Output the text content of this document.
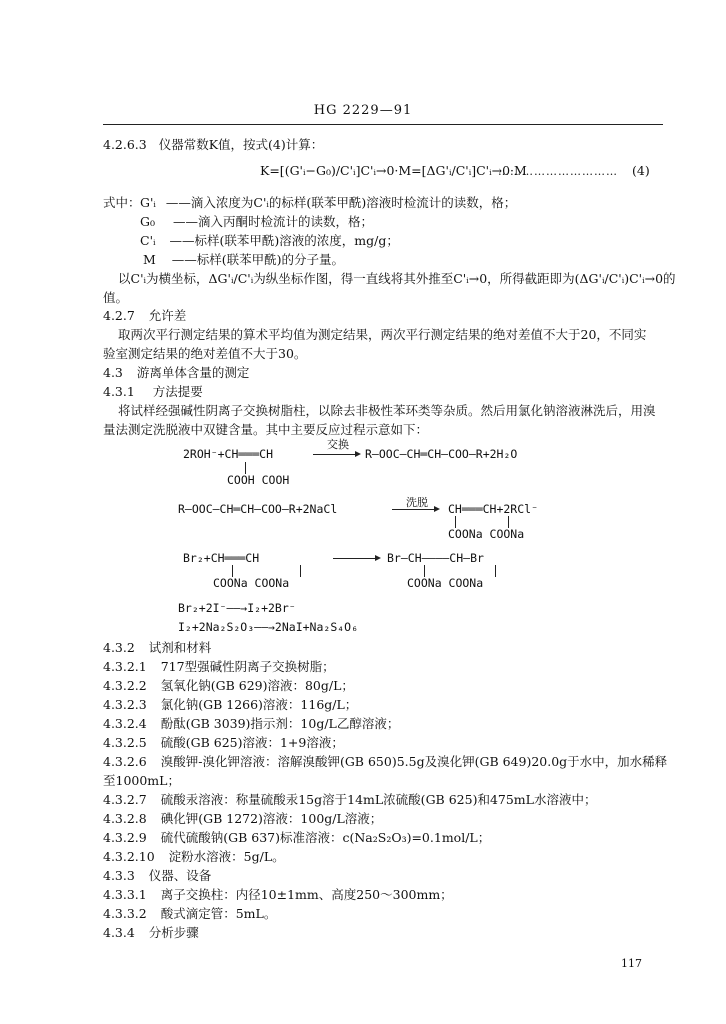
HG 2229—91
4.2.6.3 仪器常数K值，按式(4)计算：
K=[(G'ᵢ−G₀)/C'ᵢ]C'ᵢ→0·M=[ΔG'ᵢ/C'ᵢ]C'ᵢ→0·M
………………………… (4)
式中： G'ᵢ ——滴入浓度为C'ᵢ的标样(联苯甲酰)溶液时检流计的读数，格；
G₀ ——滴入丙酮时检流计的读数，格；
C'ᵢ ——标样(联苯甲酰)溶液的浓度，mg/g；
M ——标样(联苯甲酰)的分子量。
以C'ᵢ为横坐标，ΔG'ᵢ/C'ᵢ为纵坐标作图，得一直线将其外推至C'ᵢ→0，所得截距即为(ΔG'ᵢ/C'ᵢ)C'ᵢ→0的
值。
4.2.7 允许差
取两次平行测定结果的算术平均值为测定结果，两次平行测定结果的绝对差值不大于20，不同实
验室测定结果的绝对差值不大于30。
4.3 游离单体含量的测定
4.3.1 方法提要
将试样经强碱性阴离子交换树脂柱，以除去非极性苯环类等杂质。然后用氯化钠溶液淋洗后，用溴
量法测定洗脱液中双键含量。其中主要反应过程示意如下：
2ROH⁻+CH═══CH
COOH COOH
交换
→ R—OOC—CH═CH—COO—R+2H₂O
R—OOC—CH═CH—COO—R+2NaCl	洗脱 → CH═══CH+2RCl⁻
COONa COONa
Br₂+CH═══CH
COONa COONa
→ Br—CH————CH—Br
COONa COONa
Br₂+2I⁻——→I₂+2Br⁻
I₂+2Na₂S₂O₃——→2NaI+Na₂S₄O₆
4.3.2 试剂和材料
4.3.2.1 717型强碱性阴离子交换树脂；
4.3.2.2 氢氧化钠(GB 629)溶液：80g/L；
4.3.2.3 氯化钠(GB 1266)溶液：116g/L；
4.3.2.4 酚酞(GB 3039)指示剂：10g/L乙醇溶液；
4.3.2.5 硫酸(GB 625)溶液：1+9溶液；
4.3.2.6 溴酸钾-溴化钾溶液：溶解溴酸钾(GB 650)5.5g及溴化钾(GB 649)20.0g于水中，加水稀释
至1000mL；
4.3.2.7 硫酸汞溶液：称量硫酸汞15g溶于14mL浓硫酸(GB 625)和475mL水溶液中；
4.3.2.8 碘化钾(GB 1272)溶液：100g/L溶液；
4.3.2.9 硫代硫酸钠(GB 637)标准溶液：c(Na₂S₂O₃)=0.1mol/L；
4.3.2.10 淀粉水溶液：5g/L。
4.3.3 仪器、设备
4.3.3.1 离子交换柱：内径10±1mm、高度250～300mm；
4.3.3.2 酸式滴定管：5mL。
4.3.4 分析步骤
117
